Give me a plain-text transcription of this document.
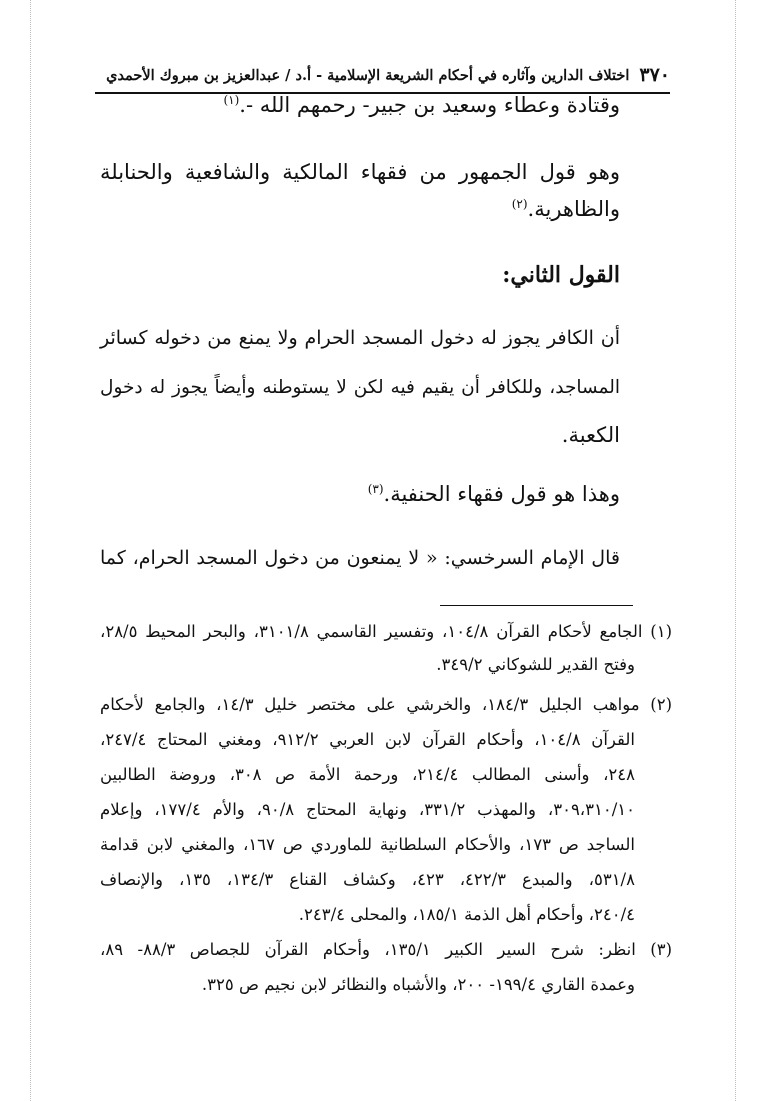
٣٧٠
اختلاف الدارين وآثاره في أحكام الشريعة الإسلامية - أ.د / عبدالعزيز بن مبروك الأحمدي
وقتادة وعطاء وسعيد بن جبير- رحمهم الله -.$^{(١)}$
وهو قول الجمهور من فقهاء المالكية والشافعية والحنابلة
والظاهرية.$^{(٢)}$
القول الثاني:
أن الكافر يجوز له دخول المسجد الحرام ولا يمنع من دخوله كسائر
المساجد، وللكافر أن يقيم فيه لكن لا يستوطنه وأيضاً يجوز له دخول
الكعبة.
وهذا هو قول فقهاء الحنفية.$^{(٣)}$
قال الإمام السرخسي: « لا يمنعون من دخول المسجد الحرام، كما
(١) الجامع لأحكام القرآن ١٠٤/٨، وتفسير القاسمي ٣١٠١/٨، والبحر المحيط ٢٨/٥،
وفتح القدير للشوكاني ٣٤٩/٢.
(٢) مواهب الجليل ١٨٤/٣، والخرشي على مختصر خليل ١٤/٣، والجامع لأحكام
القرآن ١٠٤/٨، وأحكام القرآن لابن العربي ٩١٢/٢، ومغني المحتاج ٢٤٧/٤،
٢٤٨، وأسنى المطالب ٢١٤/٤، ورحمة الأمة ص ٣٠٨، وروضة الطالبين
٣٠٩،٣١٠/١٠، والمهذب ٣٣١/٢، ونهاية المحتاج ٩٠/٨، والأم ١٧٧/٤، وإعلام
الساجد ص ١٧٣، والأحكام السلطانية للماوردي ص ١٦٧، والمغني لابن قدامة
٥٣١/٨، والمبدع ٤٢٢/٣، ٤٢٣، وكشاف القناع ١٣٤/٣، ١٣٥، والإنصاف
٢٤٠/٤، وأحكام أهل الذمة ١٨٥/١، والمحلى ٢٤٣/٤.
(٣) انظر: شرح السير الكبير ١٣٥/١، وأحكام القرآن للجصاص ٨٨/٣- ٨٩،
وعمدة القاري ١٩٩/٤- ٢٠٠، والأشباه والنظائر لابن نجيم ص ٣٢٥.
